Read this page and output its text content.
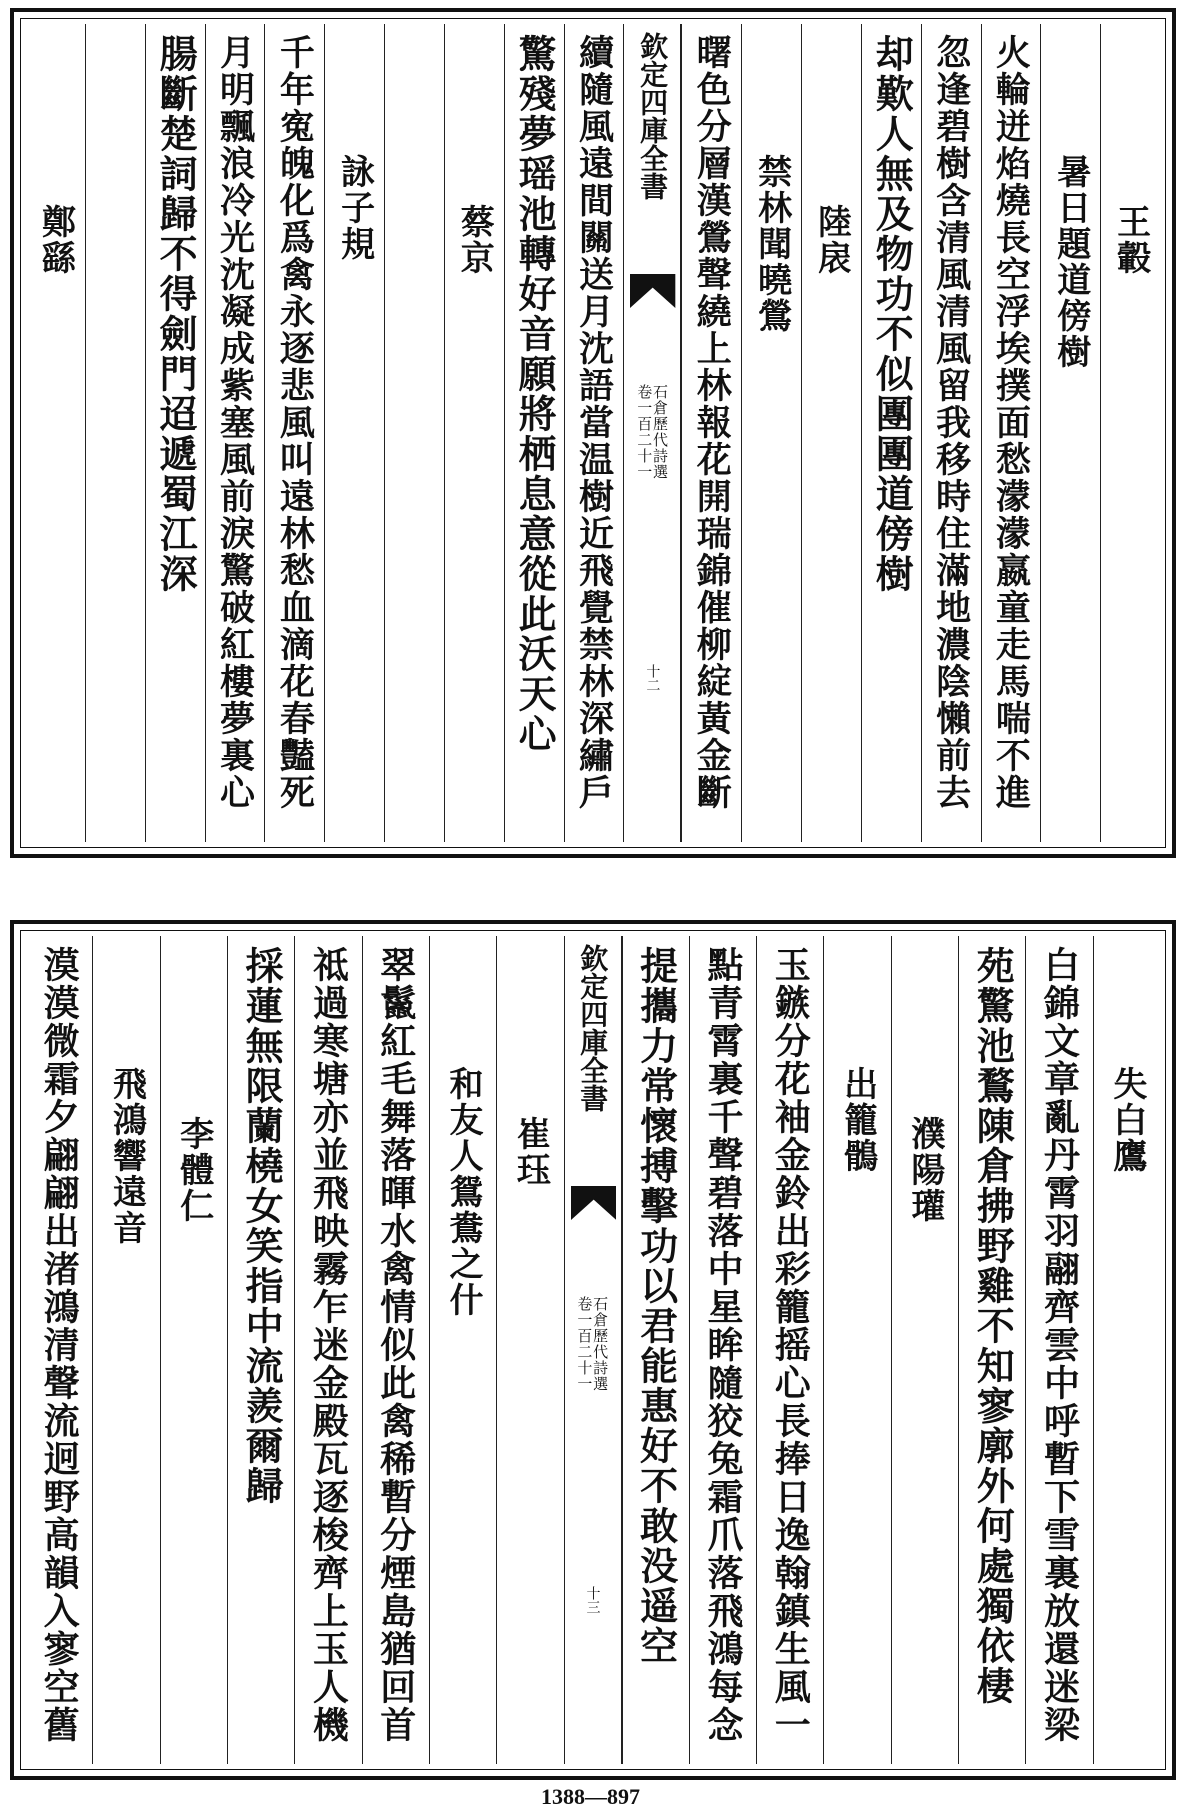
王轂
暑日題道傍樹
火輪迸焰燒長空浮埃撲面愁濛濛嬴童走馬喘不進
忽逢碧樹含清風清風留我移時住滿地濃陰懶前去
却歎人無及物功不似團團道傍樹
陸扆
禁林聞曉鶯
曙色分層漢鶯聲繞上林報花開瑞錦催柳綻黃金斷
欽定四庫全書
石倉歷代詩選
卷一百二十一
十二
續隨風遠間關送月沈語當温樹近飛覺禁林深繡戶
驚殘夢瑶池轉好音願將栖息意從此沃天心
蔡京
詠子規
千年寃魄化爲禽永逐悲風叫遠林愁血滴花春豔死
月明飄浪冷光沈凝成紫塞風前淚驚破紅樓夢裏心
腸斷楚詞歸不得劍門迢遞蜀江深
鄭繇
失白鷹
白錦文章亂丹霄羽翮齊雲中呼暫下雪裏放還迷梁
苑驚池鶩陳倉拂野雞不知寥廓外何處獨依棲
濮陽瓘
出籠鶻
玉鏃分花袖金鈴出彩籠摇心長捧日逸翰鎮生風一
點青霄裏千聲碧落中星眸隨狡兔霜爪落飛鴻每念
提攜力常懷搏擊功以君能惠好不敢没遥空
欽定四庫全書
石倉歷代詩選
卷一百二十一
十三
崔珏
和友人鴛鴦之什
翠鬣紅毛舞落暉水禽情似此禽稀暫分煙島猶回首
祗過寒塘亦並飛映霧乍迷金殿瓦逐梭齊上玉人機
採蓮無限蘭橈女笑指中流羨爾歸
李體仁
飛鴻響遠音
漠漠微霜夕翩翩出渚鴻清聲流迥野高韻入寥空舊
1388—897
